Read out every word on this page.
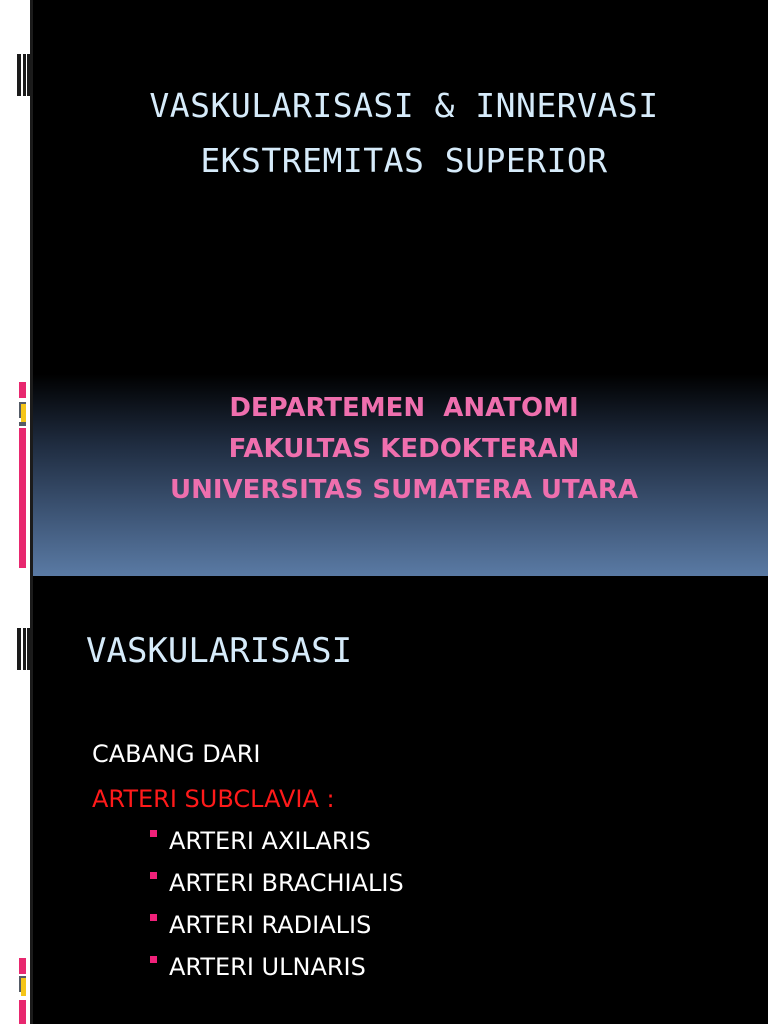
VASKULARISASI & INNERVASI
EKSTREMITAS SUPERIOR
DEPARTEMEN  ANATOMI
FAKULTAS KEDOKTERAN
UNIVERSITAS SUMATERA UTARA
VASKULARISASI
CABANG DARI
ARTERI SUBCLAVIA :
ARTERI AXILARIS
ARTERI BRACHIALIS
ARTERI RADIALIS
ARTERI ULNARIS
